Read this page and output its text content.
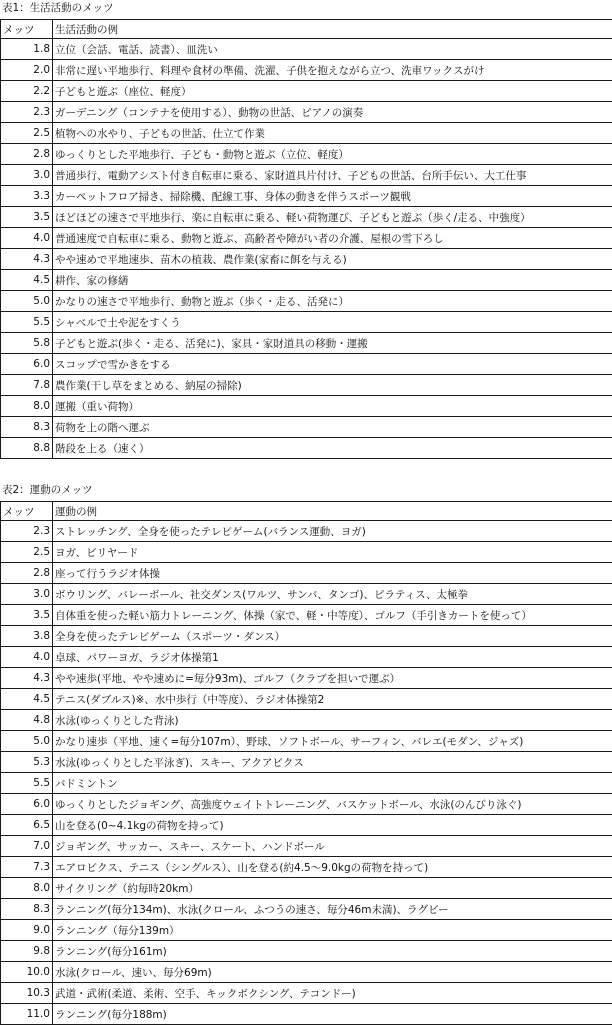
表1：生活活動のメッツ
メッツ	生活活動の例
1.8	立位（会話、電話、読書）、皿洗い
2.0	非常に遅い平地歩行、料理や食材の準備、洗濯、子供を抱えながら立つ、洗車ワックスがけ
2.2	子どもと遊ぶ（座位、軽度）
2.3	ガーデニング（コンテナを使用する）、動物の世話、ピアノの演奏
2.5	植物への水やり、子どもの世話、仕立て作業
2.8	ゆっくりとした平地歩行、子ども・動物と遊ぶ（立位、軽度）
3.0	普通歩行、電動アシスト付き自転車に乗る、家財道具片付け、子どもの世話、台所手伝い、大工仕事
3.3	カーペットフロア掃き、掃除機、配線工事、身体の動きを伴うスポーツ観戦
3.5	ほどほどの速さで平地歩行、楽に自転車に乗る、軽い荷物運び、子どもと遊ぶ（歩く/走る、中強度）
4.0	普通速度で自転車に乗る、動物と遊ぶ、高齢者や障がい者の介護、屋根の雪下ろし
4.3	やや速めで平地速歩、苗木の植栽、農作業(家畜に餌を与える)
4.5	耕作、家の修繕
5.0	かなりの速さで平地歩行、動物と遊ぶ（歩く・走る、活発に）
5.5	シャベルで土や泥をすくう
5.8	子どもと遊ぶ(歩く・走る、活発に)、家具・家財道具の移動・運搬
6.0	スコップで雪かきをする
7.8	農作業(干し草をまとめる、納屋の掃除)
8.0	運搬（重い荷物）
8.3	荷物を上の階へ運ぶ
8.8	階段を上る（速く）
表2：運動のメッツ
メッツ	運動の例
2.3	ストレッチング、全身を使ったテレビゲーム(バランス運動、ヨガ)
2.5	ヨガ、ビリヤード
2.8	座って行うラジオ体操
3.0	ボウリング、バレーボール、社交ダンス(ワルツ、サンバ、タンゴ)、ピラティス、太極拳
3.5	自体重を使った軽い筋力トレーニング、体操（家で、軽・中等度）、ゴルフ（手引きカートを使って）
3.8	全身を使ったテレビゲーム（スポーツ・ダンス）
4.0	卓球、パワーヨガ、ラジオ体操第1
4.3	やや速歩(平地、やや速めに=毎分93m)、ゴルフ（クラブを担いで運ぶ）
4.5	テニス(ダブルス)※、水中歩行（中等度）、ラジオ体操第2
4.8	水泳(ゆっくりとした背泳)
5.0	かなり速歩（平地、速く=毎分107m）、野球、ソフトボール、サーフィン、バレエ(モダン、ジャズ)
5.3	水泳(ゆっくりとした平泳ぎ)、スキー、アクアビクス
5.5	バドミントン
6.0	ゆっくりとしたジョギング、高強度ウェイトトレーニング、バスケットボール、水泳(のんびり泳ぐ)
6.5	山を登る(0~4.1kgの荷物を持って)
7.0	ジョギング、サッカー、スキー、スケート、ハンドボール
7.3	エアロビクス、テニス（シングルス）、山を登る(約4.5～9.0kgの荷物を持って)
8.0	サイクリング（約毎時20km）
8.3	ランニング(毎分134m)、水泳(クロール、ふつうの速さ、毎分46m未満)、ラグビー
9.0	ランニング（毎分139m）
9.8	ランニング(毎分161m)
10.0	水泳(クロール、速い、毎分69m)
10.3	武道・武術(柔道、柔術、空手、キックボクシング、テコンドー)
11.0	ランニング(毎分188m)
